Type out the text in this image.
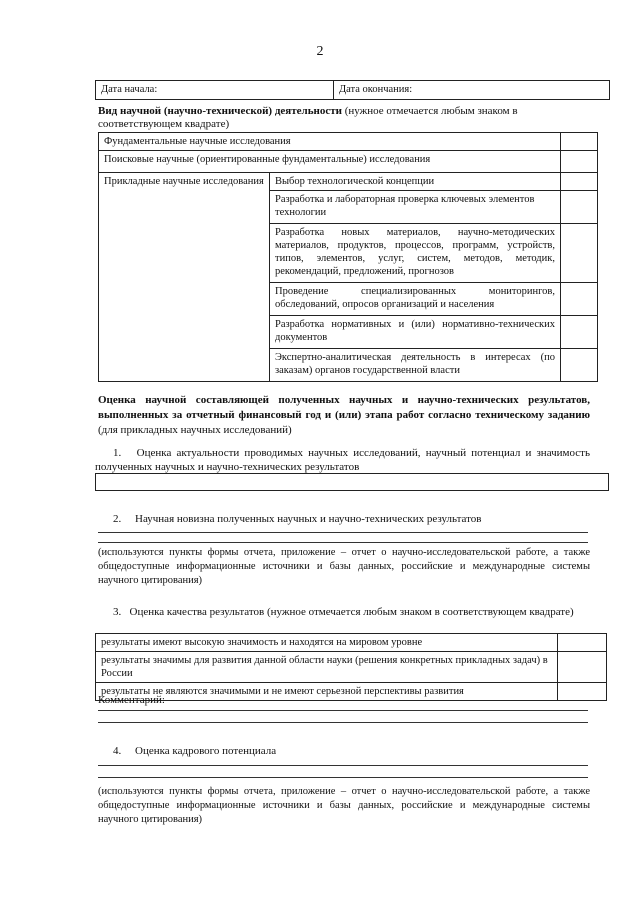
2
Дата начала:	Дата окончания:
Вид научной (научно-технической) деятельности (нужное отмечается любым знаком в соответствующем квадрате)
Фундаментальные научные исследования		
Поисковые научные (ориентированные фундаментальные) исследования		
Прикладные научные исследования	Выбор технологической концепции	
	Разработка и лабораторная проверка ключевых элементов технологии	
	Разработка новых материалов, научно-методических материалов, продуктов, процессов, программ, устройств, типов, элементов, услуг, систем, методов, методик, рекомендаций, предложений, прогнозов	
	Проведение специализированных мониторингов, обследований, опросов организаций и населения	
	Разработка нормативных и (или) нормативно-технических документов	
	Экспертно-аналитическая деятельность в интересах (по заказам) органов государственной власти	
Оценка научной составляющей полученных научных и научно-технических результатов, выполненных за отчетный финансовый год и (или) этапа работ согласно техническому заданию (для прикладных научных исследований)
1. Оценка актуальности проводимых научных исследований, научный потенциал и значимость полученных научных и научно-технических результатов
2. Научная новизна полученных научных и научно-технических результатов
(используются пункты формы отчета, приложение – отчет о научно-исследовательской работе, а также общедоступные информационные источники и базы данных, российские и международные системы научного цитирования)
3. Оценка качества результатов (нужное отмечается любым знаком в соответствующем квадрате)
результаты имеют высокую значимость и находятся на мировом уровне	
результаты значимы для развития данной области науки (решения конкретных прикладных задач) в России	
результаты не являются значимыми и не имеют серьезной перспективы развития	
Комментарий:
4. Оценка кадрового потенциала
(используются пункты формы отчета, приложение – отчет о научно-исследовательской работе, а также общедоступные информационные источники и базы данных, российские и международные системы научного цитирования)
